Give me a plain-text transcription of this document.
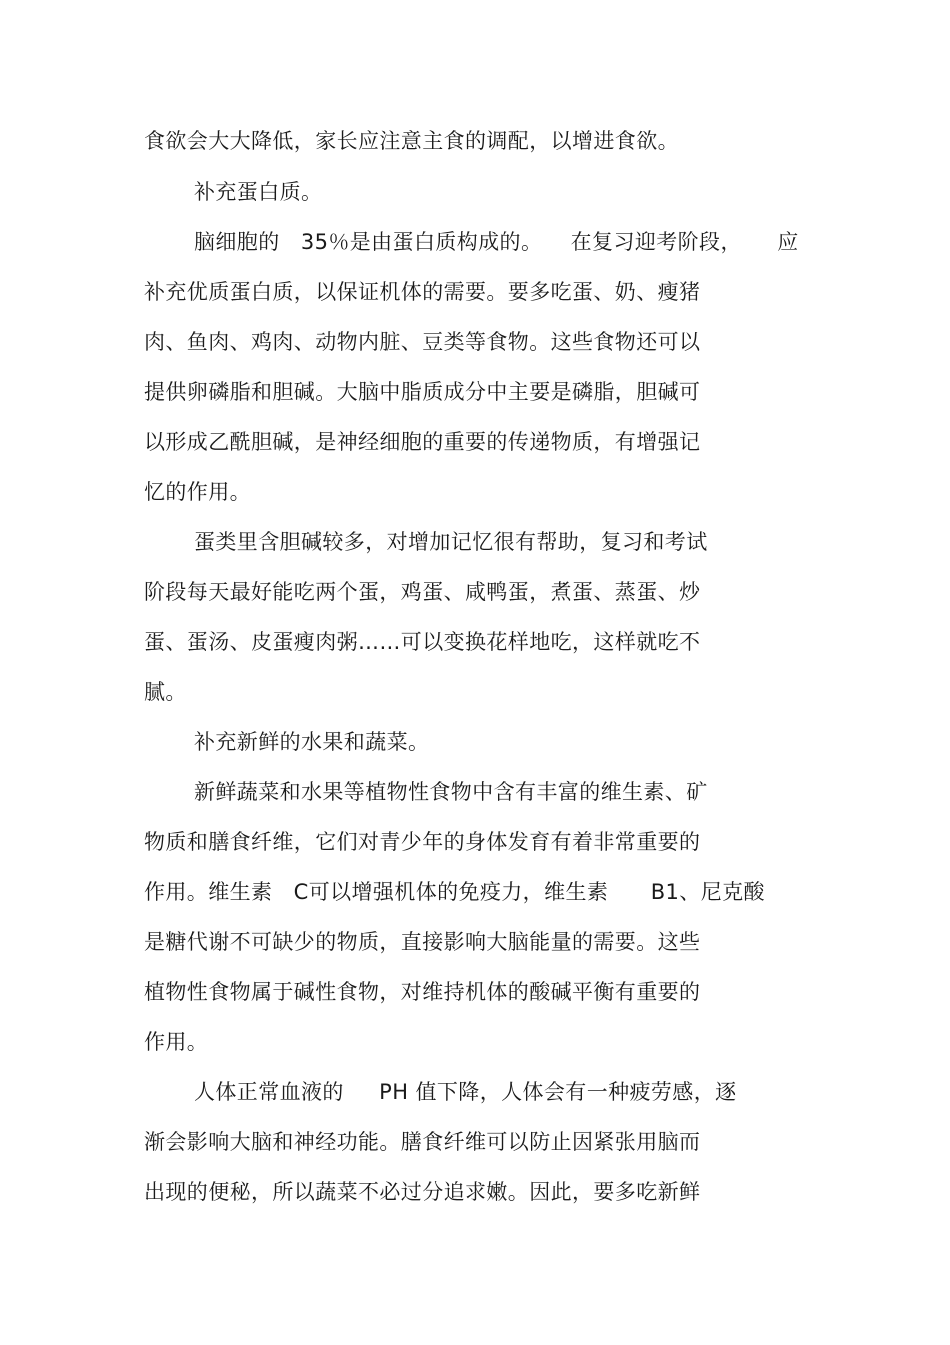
食欲会大大降低，家长应注意主食的调配，以增进食欲。
补充蛋白质。
脑细胞的   35％是由蛋白质构成的。    在复习迎考阶段，     应
补充优质蛋白质，以保证机体的需要。要多吃蛋、奶、瘦猪
肉、鱼肉、鸡肉、动物内脏、豆类等食物。这些食物还可以
提供卵磷脂和胆碱。大脑中脂质成分中主要是磷脂，胆碱可
以形成乙酰胆碱，是神经细胞的重要的传递物质，有增强记
忆的作用。
蛋类里含胆碱较多，对增加记忆很有帮助，复习和考试
阶段每天最好能吃两个蛋，鸡蛋、咸鸭蛋，煮蛋、蒸蛋、炒
蛋、蛋汤、皮蛋瘦肉粥……可以变换花样地吃，这样就吃不
腻。
补充新鲜的水果和蔬菜。
新鲜蔬菜和水果等植物性食物中含有丰富的维生素、矿
物质和膳食纤维，它们对青少年的身体发育有着非常重要的
作用。维生素   C可以增强机体的免疫力，维生素      B1、尼克酸
是糖代谢不可缺少的物质，直接影响大脑能量的需要。这些
植物性食物属于碱性食物，对维持机体的酸碱平衡有重要的
作用。
人体正常血液的     PH 值下降，人体会有一种疲劳感，逐
渐会影响大脑和神经功能。膳食纤维可以防止因紧张用脑而
出现的便秘，所以蔬菜不必过分追求嫩。因此，要多吃新鲜
